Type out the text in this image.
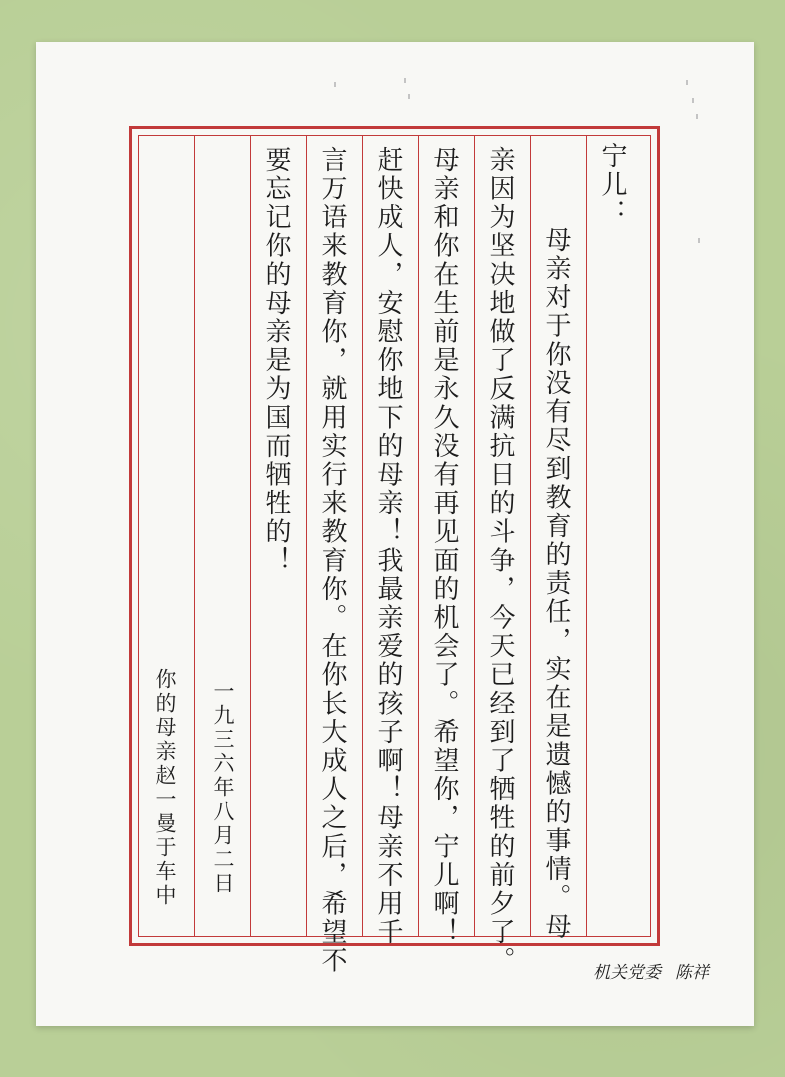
宁儿：
母亲对于你没有尽到教育的责任，实在是遗憾的事情。母
亲因为坚决地做了反满抗日的斗争，今天已经到了牺牲的前夕了。
母亲和你在生前是永久没有再见面的机会了。希望你，宁儿啊！
赶快成人，安慰你地下的母亲！我最亲爱的孩子啊！母亲不用千
言万语来教育你，就用实行来教育你。在你长大成人之后，希望不
要忘记你的母亲是为国而牺牲的！
一九三六年八月二日
你的母亲赵一曼于车中
机关党委 陈祥
